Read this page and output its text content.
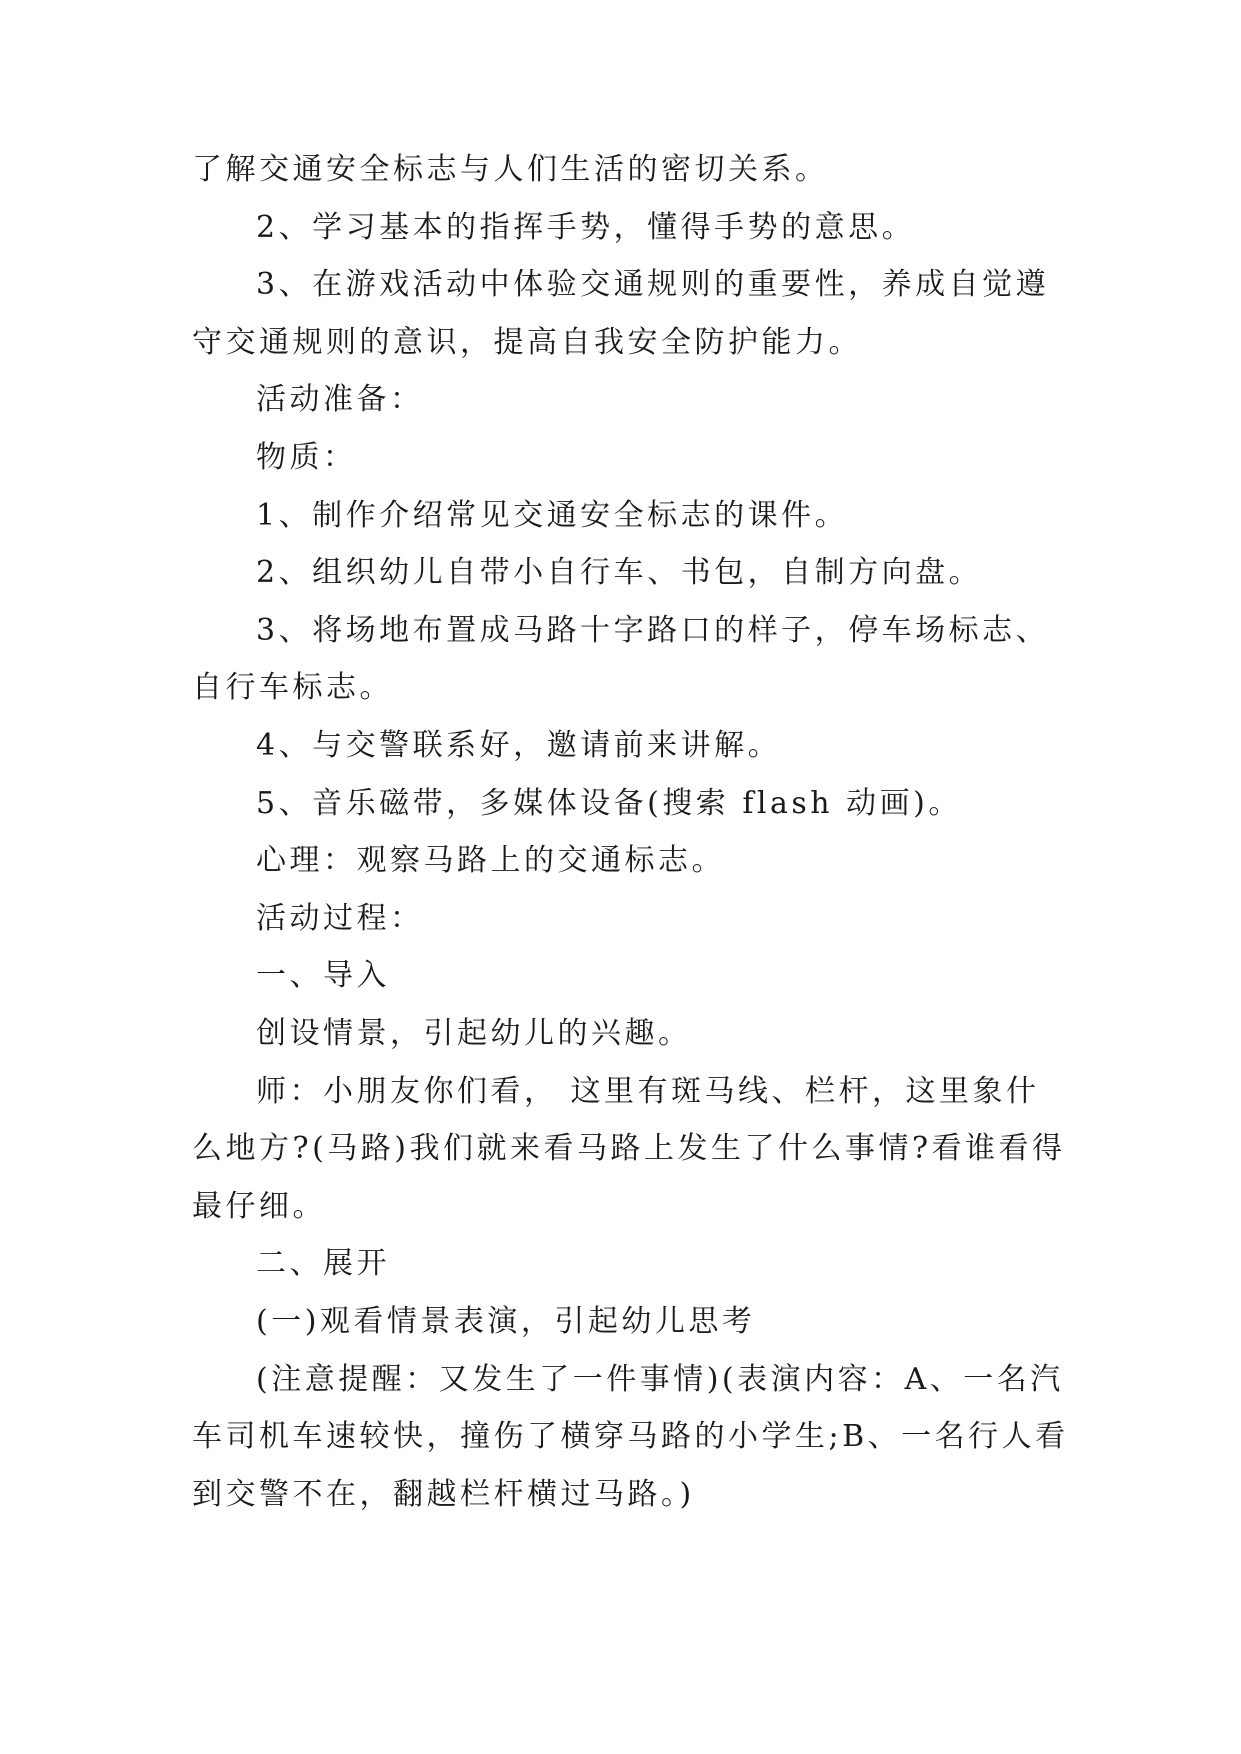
了解交通安全标志与人们生活的密切关系。
2、学习基本的指挥手势，懂得手势的意思。
3、在游戏活动中体验交通规则的重要性，养成自觉遵
守交通规则的意识，提高自我安全防护能力。
活动准备：
物质：
1、制作介绍常见交通安全标志的课件。
2、组织幼儿自带小自行车、书包，自制方向盘。
3、将场地布置成马路十字路口的样子，停车场标志、
自行车标志。
4、与交警联系好，邀请前来讲解。
5、音乐磁带，多媒体设备(搜索 flash 动画)。
心理：观察马路上的交通标志。
活动过程：
一、导入
创设情景，引起幼儿的兴趣。
师：小朋友你们看， 这里有斑马线、栏杆，这里象什
么地方?(马路)我们就来看马路上发生了什么事情?看谁看得
最仔细。
二、展开
(一)观看情景表演，引起幼儿思考
(注意提醒：又发生了一件事情)(表演内容：A、一名汽
车司机车速较快，撞伤了横穿马路的小学生;B、一名行人看
到交警不在，翻越栏杆横过马路。)
